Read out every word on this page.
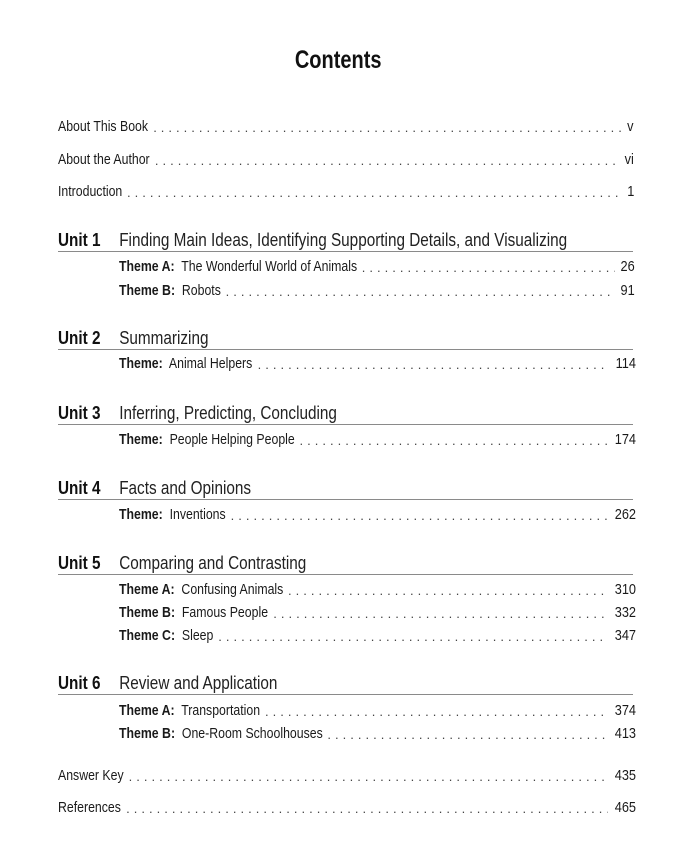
Contents
About This Book . . .	v
About the Author . . .	vi
Introduction . . .	1
Unit 1 Finding Main Ideas, Identifying Supporting Details, and Visualizing
Theme A: The Wonderful World of Animals . . .	26
Theme B: Robots . . .	91
Unit 2 Summarizing
Theme: Animal Helpers . . .	114
Unit 3 Inferring, Predicting, Concluding
Theme: People Helping People . . .	174
Unit 4 Facts and Opinions
Theme: Inventions . . .	262
Unit 5 Comparing and Contrasting
Theme A: Confusing Animals . . .	310
Theme B: Famous People . . .	332
Theme C: Sleep . . .	347
Unit 6 Review and Application
Theme A: Transportation . . .	374
Theme B: One-Room Schoolhouses . . .	413
Answer Key . . .	435
References . . .	465
